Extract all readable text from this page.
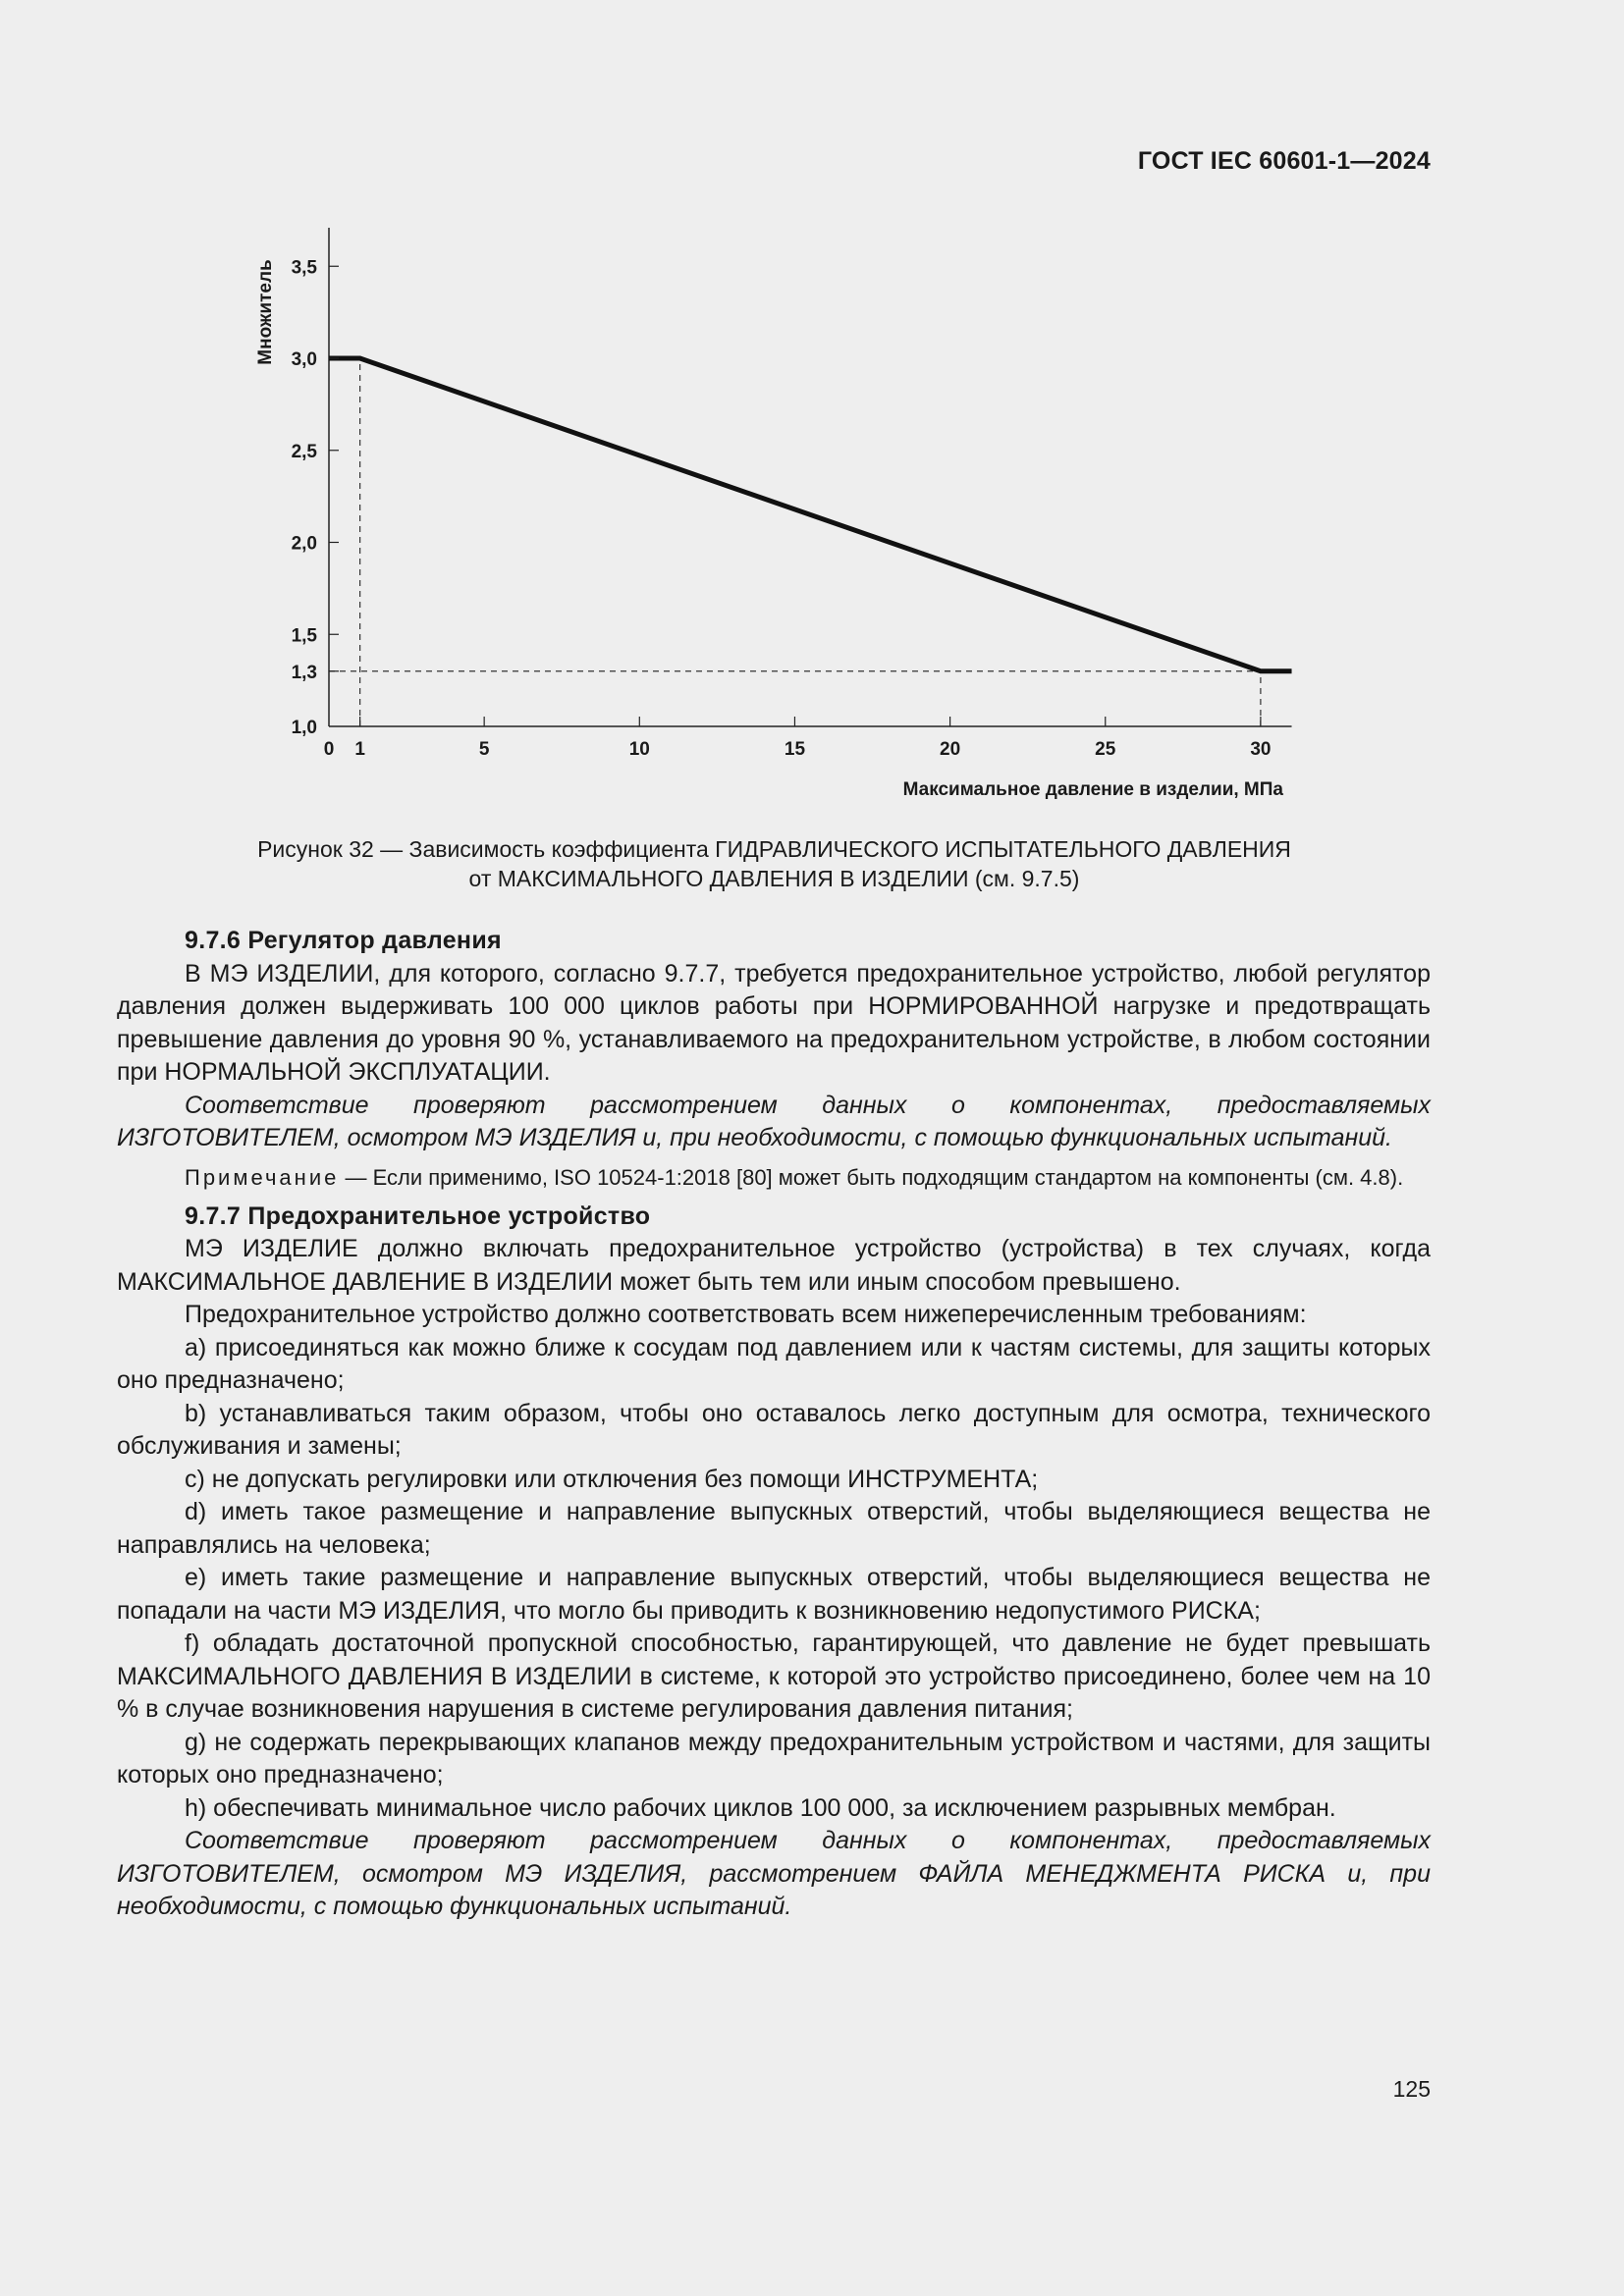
ГОСТ IEC 60601-1—2024
0 1	5	10	15	20	25	30
1,0
1,3
1,5
2,0
2,5
3,0
3,5
Множитель
Максимальное давление в изделии, МПа
Рисунок 32 — Зависимость коэффициента ГИДРАВЛИЧЕСКОГО ИСПЫТАТЕЛЬНОГО ДАВЛЕНИЯ
от МАКСИМАЛЬНОГО ДАВЛЕНИЯ В ИЗДЕЛИИ (см. 9.7.5)

9.7.6 Регулятор давления

В МЭ ИЗДЕЛИИ, для которого, согласно 9.7.7, требуется предохранительное устройство, любой регулятор давления должен выдерживать 100 000 циклов работы при НОРМИРОВАННОЙ нагрузке и предотвращать превышение давления до уровня 90 %, устанавливаемого на предохранительном устройстве, в любом состоянии при НОРМАЛЬНОЙ ЭКСПЛУАТАЦИИ.

Соответствие проверяют рассмотрением данных о компонентах, предоставляемых ИЗГОТОВИТЕЛЕМ, осмотром МЭ ИЗДЕЛИЯ и, при необходимости, с помощью функциональных испытаний.

Примечание — Если применимо, ISO 10524-1:2018 [80] может быть подходящим стандартом на компоненты (см. 4.8).

9.7.7 Предохранительное устройство

МЭ ИЗДЕЛИЕ должно включать предохранительное устройство (устройства) в тех случаях, когда МАКСИМАЛЬНОЕ ДАВЛЕНИЕ В ИЗДЕЛИИ может быть тем или иным способом превышено.

Предохранительное устройство должно соответствовать всем нижеперечисленным требованиям:

a) присоединяться как можно ближе к сосудам под давлением или к частям системы, для защиты которых оно предназначено;

b) устанавливаться таким образом, чтобы оно оставалось легко доступным для осмотра, технического обслуживания и замены;

c) не допускать регулировки или отключения без помощи ИНСТРУМЕНТА;

d) иметь такое размещение и направление выпускных отверстий, чтобы выделяющиеся вещества не направлялись на человека;

e) иметь такие размещение и направление выпускных отверстий, чтобы выделяющиеся вещества не попадали на части МЭ ИЗДЕЛИЯ, что могло бы приводить к возникновению недопустимого РИСКА;

f) обладать достаточной пропускной способностью, гарантирующей, что давление не будет превышать МАКСИМАЛЬНОГО ДАВЛЕНИЯ В ИЗДЕЛИИ в системе, к которой это устройство присоединено, более чем на 10 % в случае возникновения нарушения в системе регулирования давления питания;

g) не содержать перекрывающих клапанов между предохранительным устройством и частями, для защиты которых оно предназначено;

h) обеспечивать минимальное число рабочих циклов 100 000, за исключением разрывных мембран.

Соответствие проверяют рассмотрением данных о компонентах, предоставляемых ИЗГОТОВИТЕЛЕМ, осмотром МЭ ИЗДЕЛИЯ, рассмотрением ФАЙЛА МЕНЕДЖМЕНТА РИСКА и, при необходимости, с помощью функциональных испытаний.

125
